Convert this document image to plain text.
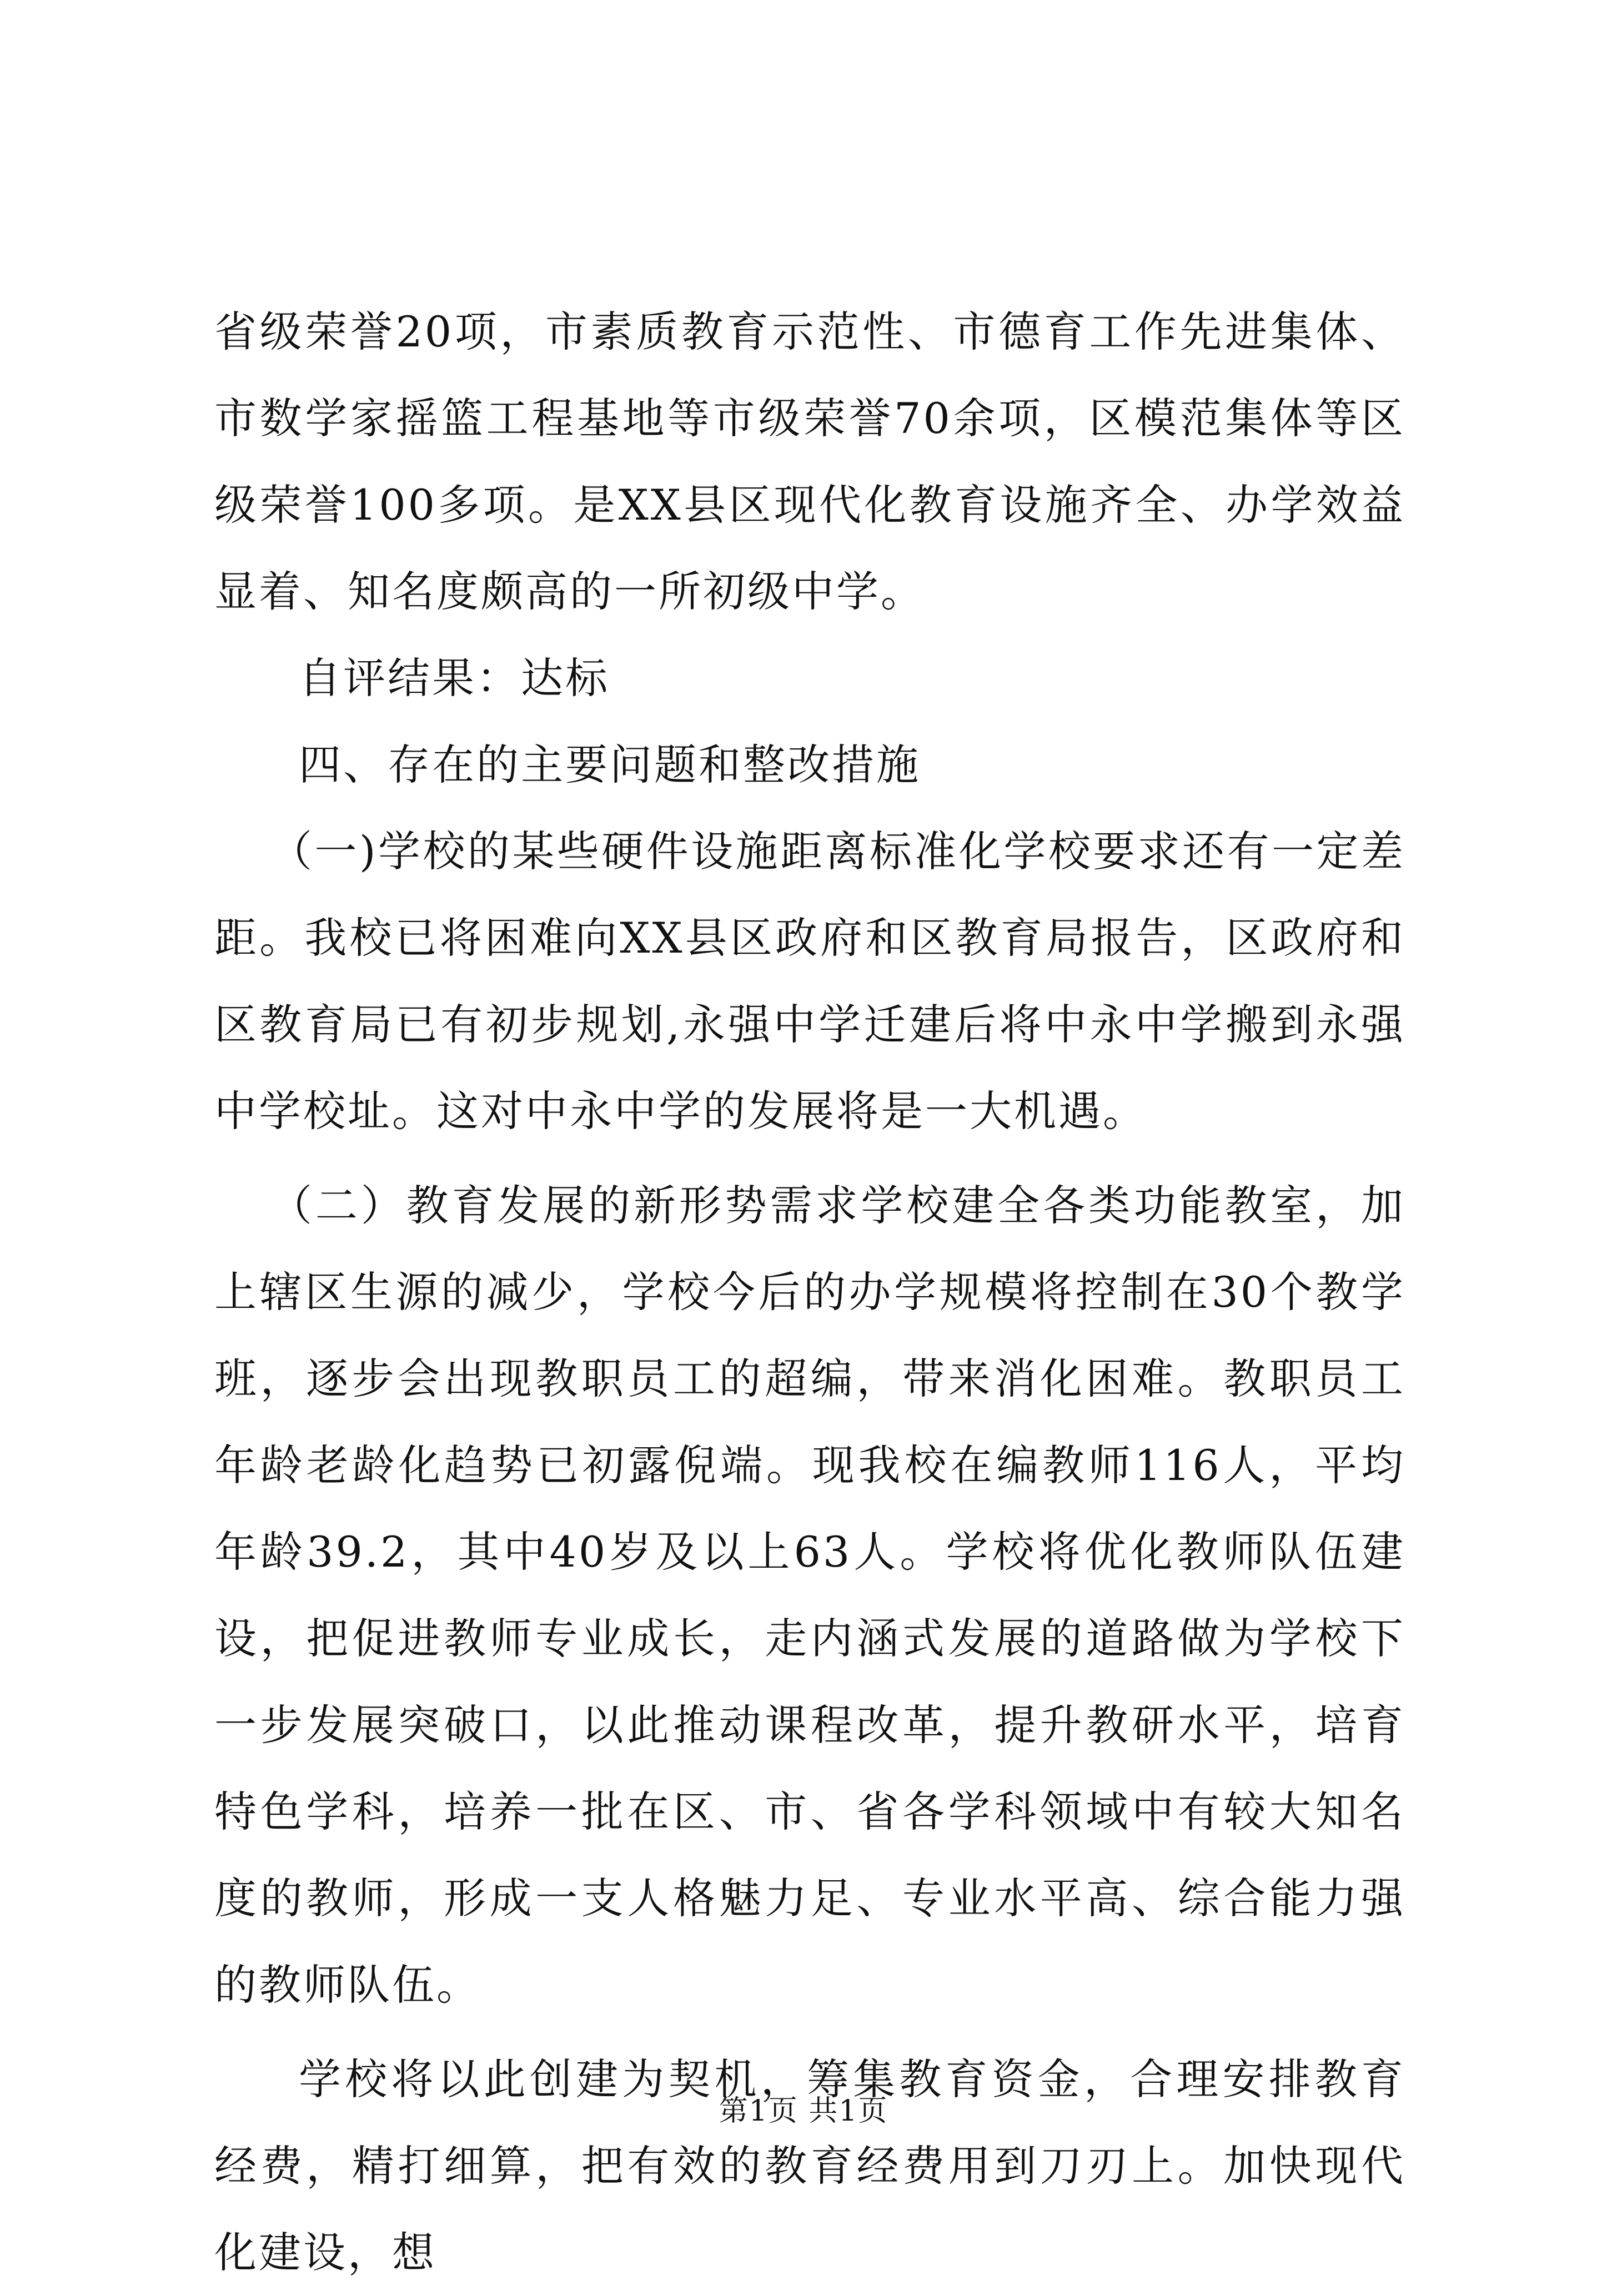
省级荣誉20项，市素质教育示范性、市德育工作先进集体、市数学家摇篮工程基地等市级荣誉70余项，区模范集体等区级荣誉100多项。是XX县区现代化教育设施齐全、办学效益显着、知名度颇高的一所初级中学。

自评结果：达标

四、存在的主要问题和整改措施

（一)学校的某些硬件设施距离标准化学校要求还有一定差距。我校已将困难向XX县区政府和区教育局报告，区政府和区教育局已有初步规划,永强中学迁建后将中永中学搬到永强中学校址。这对中永中学的发展将是一大机遇。

（二）教育发展的新形势需求学校建全各类功能教室，加上辖区生源的减少，学校今后的办学规模将控制在30个教学班，逐步会出现教职员工的超编，带来消化困难。教职员工年龄老龄化趋势已初露倪端。现我校在编教师116人，平均年龄39.2，其中40岁及以上63人。学校将优化教师队伍建设，把促进教师专业成长，走内涵式发展的道路做为学校下一步发展突破口，以此推动课程改革，提升教研水平，培育特色学科，培养一批在区、市、省各学科领域中有较大知名度的教师，形成一支人格魅力足、专业水平高、综合能力强的教师队伍。

学校将以此创建为契机，筹集教育资金，合理安排教育经费，精打细算，把有效的教育经费用到刀刃上。加快现代化建设，想

第1页 共1页
